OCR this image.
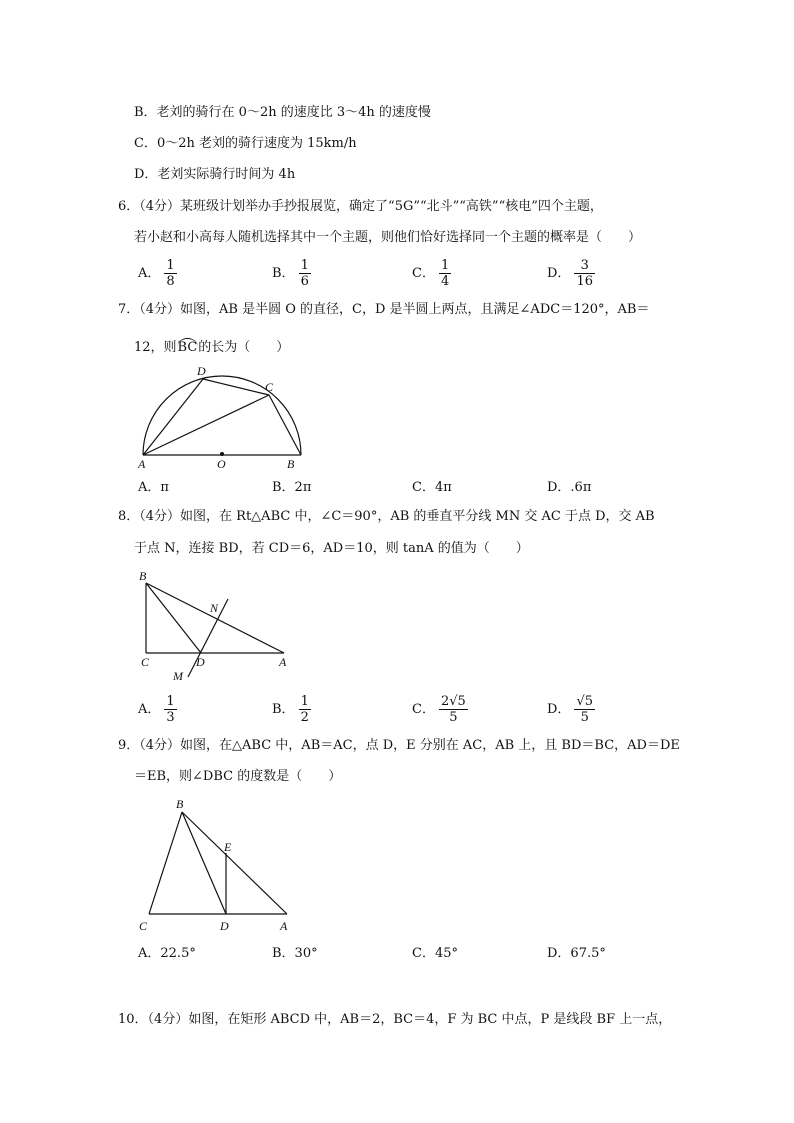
B．老刘的骑行在 0～2h 的速度比 3～4h 的速度慢
C．0～2h 老刘的骑行速度为 15km/h
D．老刘实际骑行时间为 4h
6．（4分）某班级计划举办手抄报展览，确定了“5G”“北斗”“高铁”“核电”四个主题，
若小赵和小高每人随机选择其中一个主题，则他们恰好选择同一个主题的概率是（　　）
A． $\frac{1}{8}$	B． $\frac{1}{6}$	C． $\frac{1}{4}$	D． $\frac{3}{16}$
7．（4分）如图，AB 是半圆 O 的直径，C，D 是半圆上两点，且满足∠ADC＝120°，AB＝
12，则BC的长为（　　）
A	B
C
D
O
A．π	B．2π	C．4π	D．.6π
8．（4分）如图，在 Rt△ABC 中，∠C＝90°，AB 的垂直平分线 MN 交 AC 于点 D，交 AB
于点 N，连接 BD，若 CD＝6，AD＝10，则 tanA 的值为（　　）
B
C	D	A
N
M
A． $\frac{1}{3}$	B． $\frac{1}{2}$	C． $\frac{2√5}{5}$	D． $\frac{√5}{5}$
9．（4分）如图，在△ABC 中，AB＝AC，点 D，E 分别在 AC，AB 上，且 BD＝BC，AD＝DE
＝EB，则∠DBC 的度数是（　　）
B
C	D	A
E
A．22.5°	B．30°	C．45°	D．67.5°
10．（4分）如图，在矩形 ABCD 中，AB＝2，BC＝4，F 为 BC 中点，P 是线段 BF 上一点，
